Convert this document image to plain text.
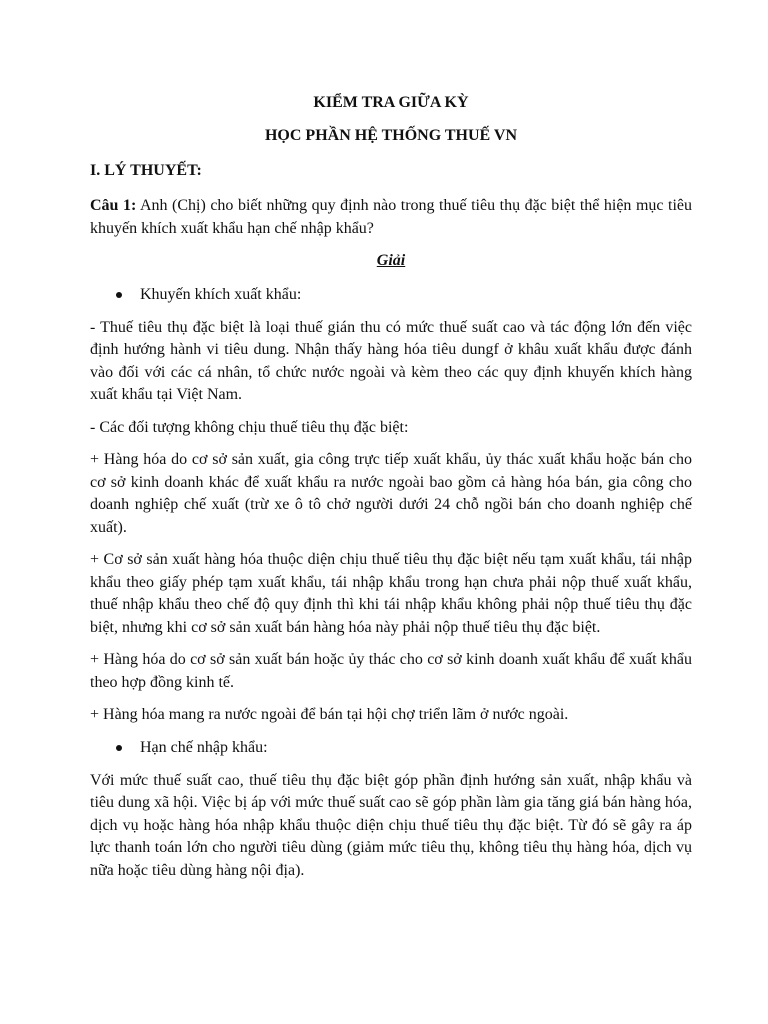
KIỂM TRA GIỮA KỲ
HỌC PHẦN HỆ THỐNG THUẾ VN
I. LÝ THUYẾT:

Câu 1: Anh (Chị) cho biết những quy định nào trong thuế tiêu thụ đặc biệt thể hiện mục tiêu khuyến khích xuất khẩu hạn chế nhập khẩu?

Giải

Khuyến khích xuất khẩu:

- Thuế tiêu thụ đặc biệt là loại thuế gián thu có mức thuế suất cao và tác động lớn đến việc định hướng hành vi tiêu dung. Nhận thấy hàng hóa tiêu dungf ở khâu xuất khẩu được đánh vào đối với các cá nhân, tổ chức nước ngoài và kèm theo các quy định khuyến khích hàng xuất khẩu tại Việt Nam.

- Các đối tượng không chịu thuế tiêu thụ đặc biệt:

+ Hàng hóa do cơ sở sản xuất, gia công trực tiếp xuất khẩu, ủy thác xuất khẩu hoặc bán cho cơ sở kinh doanh khác để xuất khẩu ra nước ngoài bao gồm cả hàng hóa bán, gia công cho doanh nghiệp chế xuất (trừ xe ô tô chở người dưới 24 chỗ ngồi bán cho doanh nghiệp chế xuất).

+ Cơ sở sản xuất hàng hóa thuộc diện chịu thuế tiêu thụ đặc biệt nếu tạm xuất khẩu, tái nhập khẩu theo giấy phép tạm xuất khẩu, tái nhập khẩu trong hạn chưa phải nộp thuế xuất khẩu, thuế nhập khẩu theo chế độ quy định thì khi tái nhập khẩu không phải nộp thuế tiêu thụ đặc biệt, nhưng khi cơ sở sản xuất bán hàng hóa này phải nộp thuế tiêu thụ đặc biệt.

+ Hàng hóa do cơ sở sản xuất bán hoặc ủy thác cho cơ sở kinh doanh xuất khẩu để xuất khẩu theo hợp đồng kinh tế.

+ Hàng hóa mang ra nước ngoài để bán tại hội chợ triển lãm ở nước ngoài.

Hạn chế nhập khẩu:

Với mức thuế suất cao, thuế tiêu thụ đặc biệt góp phần định hướng sản xuất, nhập khẩu và tiêu dung xã hội. Việc bị áp với mức thuế suất cao sẽ góp phần làm gia tăng giá bán hàng hóa, dịch vụ hoặc hàng hóa nhập khẩu thuộc diện chịu thuế tiêu thụ đặc biệt. Từ đó sẽ gây ra áp lực thanh toán lớn cho người tiêu dùng (giảm mức tiêu thụ, không tiêu thụ hàng hóa, dịch vụ nữa hoặc tiêu dùng hàng nội địa).
